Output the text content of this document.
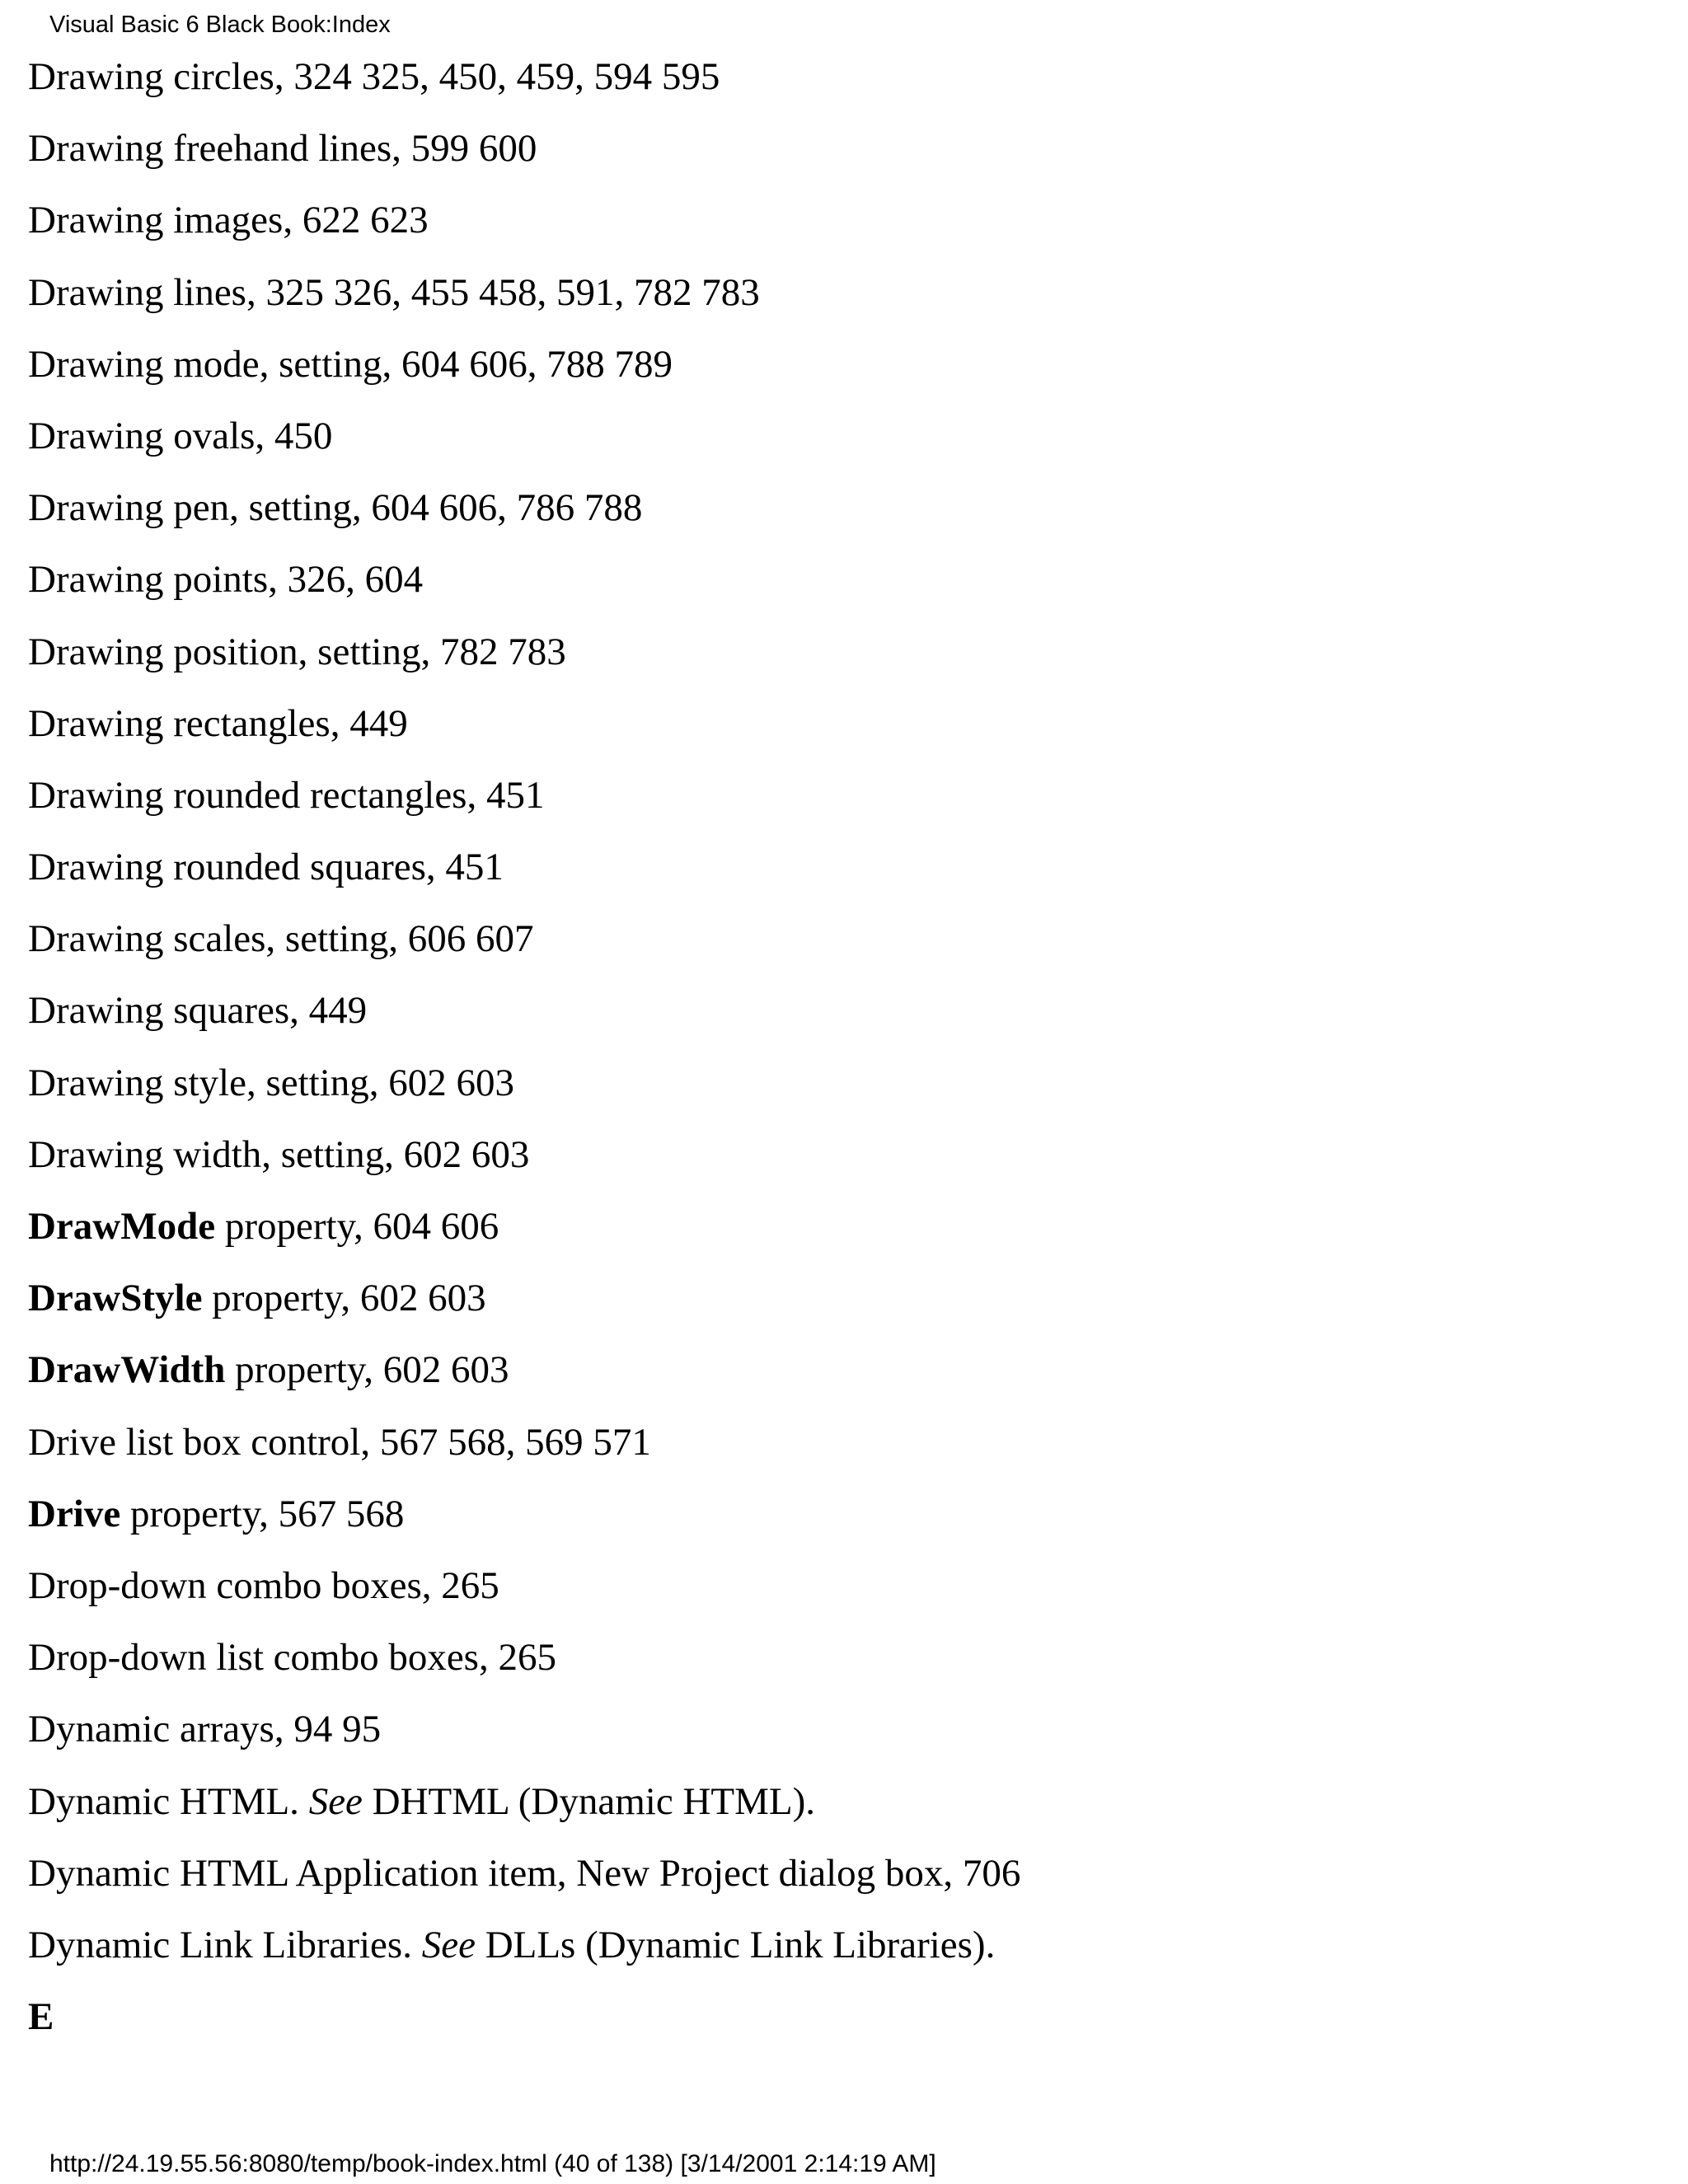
Visual Basic 6 Black Book:Index
Drawing circles, 324 325, 450, 459, 594 595
Drawing freehand lines, 599 600
Drawing images, 622 623
Drawing lines, 325 326, 455 458, 591, 782 783
Drawing mode, setting, 604 606, 788 789
Drawing ovals, 450
Drawing pen, setting, 604 606, 786 788
Drawing points, 326, 604
Drawing position, setting, 782 783
Drawing rectangles, 449
Drawing rounded rectangles, 451
Drawing rounded squares, 451
Drawing scales, setting, 606 607
Drawing squares, 449
Drawing style, setting, 602 603
Drawing width, setting, 602 603
DrawMode property, 604 606
DrawStyle property, 602 603
DrawWidth property, 602 603
Drive list box control, 567 568, 569 571
Drive property, 567 568
Drop-down combo boxes, 265
Drop-down list combo boxes, 265
Dynamic arrays, 94 95
Dynamic HTML. See DHTML (Dynamic HTML).
Dynamic HTML Application item, New Project dialog box, 706
Dynamic Link Libraries. See DLLs (Dynamic Link Libraries).
E
http://24.19.55.56:8080/temp/book-index.html (40 of 138) [3/14/2001 2:14:19 AM]
